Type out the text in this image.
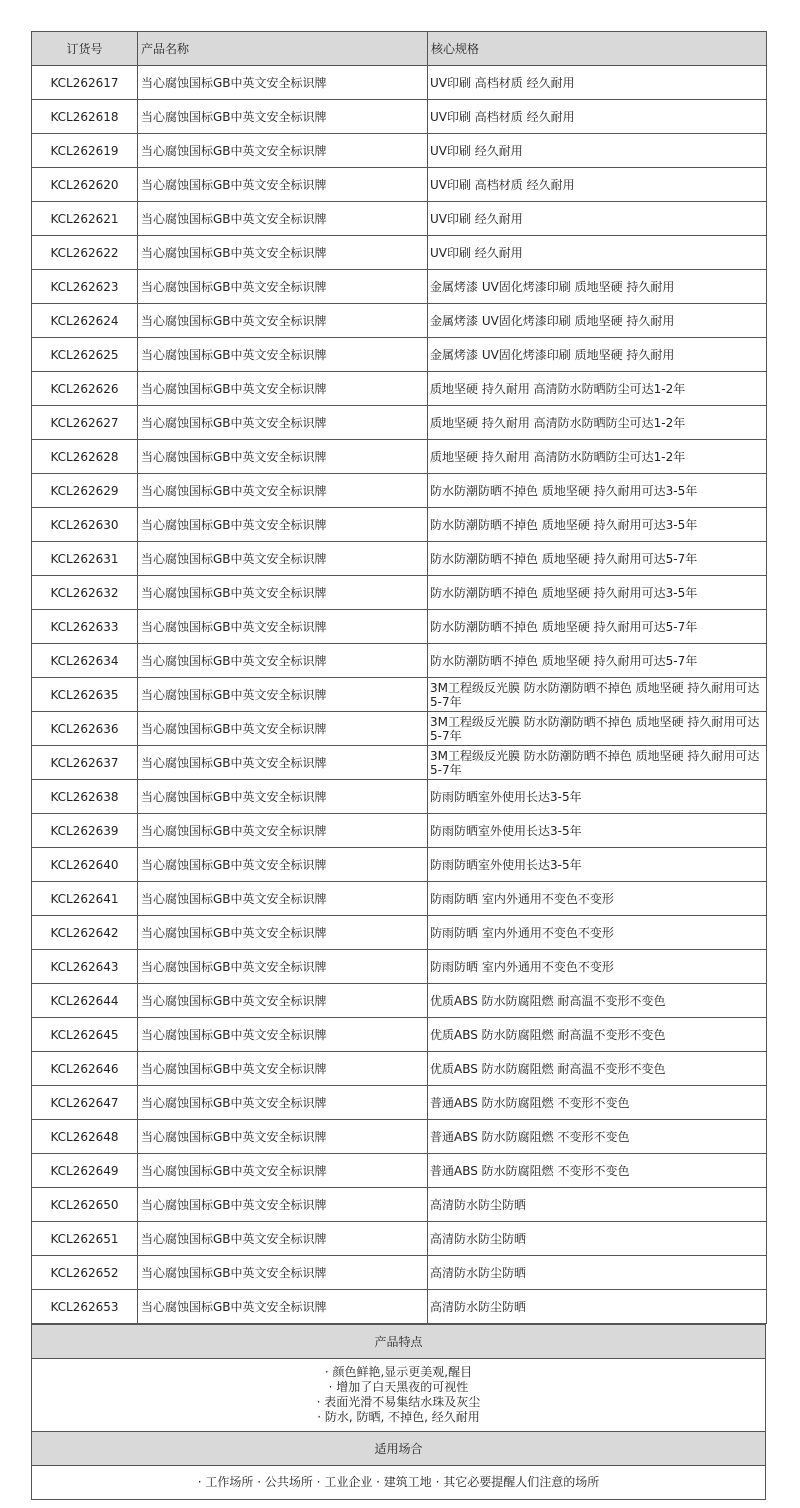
订货号	产品名称	核心规格
KCL262617	当心腐蚀国标GB中英文安全标识牌	UV印刷 高档材质 经久耐用
KCL262618	当心腐蚀国标GB中英文安全标识牌	UV印刷 高档材质 经久耐用
KCL262619	当心腐蚀国标GB中英文安全标识牌	UV印刷 经久耐用
KCL262620	当心腐蚀国标GB中英文安全标识牌	UV印刷 高档材质 经久耐用
KCL262621	当心腐蚀国标GB中英文安全标识牌	UV印刷 经久耐用
KCL262622	当心腐蚀国标GB中英文安全标识牌	UV印刷 经久耐用
KCL262623	当心腐蚀国标GB中英文安全标识牌	金属烤漆 UV固化烤漆印刷 质地坚硬 持久耐用
KCL262624	当心腐蚀国标GB中英文安全标识牌	金属烤漆 UV固化烤漆印刷 质地坚硬 持久耐用
KCL262625	当心腐蚀国标GB中英文安全标识牌	金属烤漆 UV固化烤漆印刷 质地坚硬 持久耐用
KCL262626	当心腐蚀国标GB中英文安全标识牌	质地坚硬 持久耐用 高清防水防晒防尘可达1-2年
KCL262627	当心腐蚀国标GB中英文安全标识牌	质地坚硬 持久耐用 高清防水防晒防尘可达1-2年
KCL262628	当心腐蚀国标GB中英文安全标识牌	质地坚硬 持久耐用 高清防水防晒防尘可达1-2年
KCL262629	当心腐蚀国标GB中英文安全标识牌	防水防潮防晒不掉色 质地坚硬 持久耐用可达3-5年
KCL262630	当心腐蚀国标GB中英文安全标识牌	防水防潮防晒不掉色 质地坚硬 持久耐用可达3-5年
KCL262631	当心腐蚀国标GB中英文安全标识牌	防水防潮防晒不掉色 质地坚硬 持久耐用可达5-7年
KCL262632	当心腐蚀国标GB中英文安全标识牌	防水防潮防晒不掉色 质地坚硬 持久耐用可达3-5年
KCL262633	当心腐蚀国标GB中英文安全标识牌	防水防潮防晒不掉色 质地坚硬 持久耐用可达5-7年
KCL262634	当心腐蚀国标GB中英文安全标识牌	防水防潮防晒不掉色 质地坚硬 持久耐用可达5-7年
KCL262635	当心腐蚀国标GB中英文安全标识牌	3M工程级反光膜 防水防潮防晒不掉色 质地坚硬 持久耐用可达5-7年
KCL262636	当心腐蚀国标GB中英文安全标识牌	3M工程级反光膜 防水防潮防晒不掉色 质地坚硬 持久耐用可达5-7年
KCL262637	当心腐蚀国标GB中英文安全标识牌	3M工程级反光膜 防水防潮防晒不掉色 质地坚硬 持久耐用可达5-7年
KCL262638	当心腐蚀国标GB中英文安全标识牌	防雨防晒室外使用长达3-5年
KCL262639	当心腐蚀国标GB中英文安全标识牌	防雨防晒室外使用长达3-5年
KCL262640	当心腐蚀国标GB中英文安全标识牌	防雨防晒室外使用长达3-5年
KCL262641	当心腐蚀国标GB中英文安全标识牌	防雨防晒 室内外通用不变色不变形
KCL262642	当心腐蚀国标GB中英文安全标识牌	防雨防晒 室内外通用不变色不变形
KCL262643	当心腐蚀国标GB中英文安全标识牌	防雨防晒 室内外通用不变色不变形
KCL262644	当心腐蚀国标GB中英文安全标识牌	优质ABS 防水防腐阻燃 耐高温不变形不变色
KCL262645	当心腐蚀国标GB中英文安全标识牌	优质ABS 防水防腐阻燃 耐高温不变形不变色
KCL262646	当心腐蚀国标GB中英文安全标识牌	优质ABS 防水防腐阻燃 耐高温不变形不变色
KCL262647	当心腐蚀国标GB中英文安全标识牌	普通ABS 防水防腐阻燃 不变形不变色
KCL262648	当心腐蚀国标GB中英文安全标识牌	普通ABS 防水防腐阻燃 不变形不变色
KCL262649	当心腐蚀国标GB中英文安全标识牌	普通ABS 防水防腐阻燃 不变形不变色
KCL262650	当心腐蚀国标GB中英文安全标识牌	高清防水防尘防晒
KCL262651	当心腐蚀国标GB中英文安全标识牌	高清防水防尘防晒
KCL262652	当心腐蚀国标GB中英文安全标识牌	高清防水防尘防晒
KCL262653	当心腐蚀国标GB中英文安全标识牌	高清防水防尘防晒
产品特点

· 颜色鲜艳,显示更美观,醒目
· 增加了白天黑夜的可视性
· 表面光滑不易集结水珠及灰尘
· 防水, 防晒, 不掉色, 经久耐用

适用场合
· 工作场所 · 公共场所 · 工业企业 · 建筑工地 · 其它必要提醒人们注意的场所
